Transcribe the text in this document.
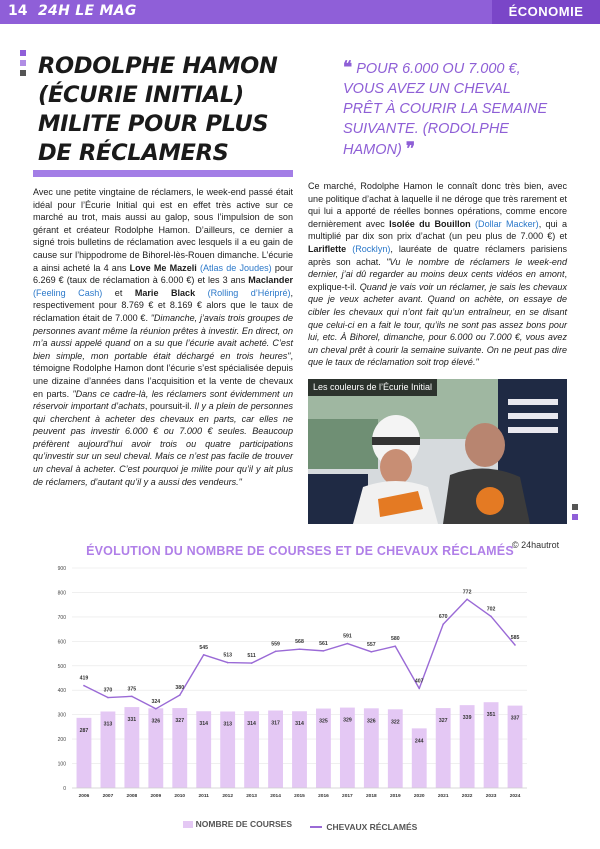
14 24H LE MAG	ÉCONOMIE
RODOLPHE HAMON (ÉCURIE INITIAL) MILITE POUR PLUS DE RÉCLAMERS
❝ POUR 6.000 OU 7.000 €, VOUS AVEZ UN CHEVAL PRÊT À COURIR LA SEMAINE SUIVANTE. (RODOLPHE HAMON) ❞
Avec une petite vingtaine de réclamers, le week-end passé était idéal pour l’Écurie Initial qui est en effet très active sur ce marché au trot, mais aussi au galop, sous l’impulsion de son gérant et créateur Rodolphe Hamon. D’ailleurs, ce dernier a signé trois bulletins de réclamation avec lesquels il a eu gain de cause sur l’hippodrome de Bihorel-lès-Rouen dimanche. L’écurie a ainsi acheté la 4 ans Love Me Mazeli (Atlas de Joudes) pour 6.269 € (taux de réclamation à 6.000 €) et les 3 ans Maclander (Feeling Cash) et Marie Black (Rolling d’Héripré), respectivement pour 8.769 € et 8.169 € alors que le taux de réclamation était de 7.000 €. "Dimanche, j’avais trois groupes de personnes avant même la réunion prêtes à investir. En direct, on m’a aussi appelé quand on a su que l’écurie avait acheté. C’est bien simple, mon portable était déchargé en trois heures", témoigne Rodolphe Hamon dont l’écurie s’est spécialisée depuis une dizaine d’années dans l’acquisition et la vente de chevaux en parts. "Dans ce cadre-là, les réclamers sont évidemment un réservoir important d’achats, poursuit-il. Il y a plein de personnes qui cherchent à acheter des chevaux en parts, car elles ne peuvent pas investir 6.000 € ou 7.000 € seules. Beaucoup préfèrent aujourd’hui avoir trois ou quatre participations qu’investir sur un seul cheval. Mais ce n’est pas facile de trouver un cheval à acheter. C’est pourquoi je milite pour qu’il y ait plus de réclamers, d’autant qu’il y a aussi des vendeurs."
Ce marché, Rodolphe Hamon le connaît donc très bien, avec une politique d’achat à laquelle il ne déroge que très rarement et qui lui a apporté de réelles bonnes opérations, comme encore dernièrement avec Isolée du Bouillon (Dollar Macker), qui a multiplié par dix son prix d’achat (un peu plus de 7.000 €) et Lariflette (Rocklyn), lauréate de quatre réclamers parisiens après son achat. "Vu le nombre de réclamers le week-end dernier, j’ai dû regarder au moins deux cents vidéos en amont, explique-t-il. Quand je vais voir un réclamer, je sais les chevaux que je veux acheter avant. Quand on achète, on essaye de cibler les chevaux qui n’ont fait qu’un entraîneur, en se disant que celui-ci en a fait le tour, qu’ils ne sont pas assez bons pour lui, etc. À Bihorel, dimanche, pour 6.000 ou 7.000 €, vous avez un cheval prêt à courir la semaine suivante. On ne peut pas dire que le taux de réclamation soit trop élevé."
Les couleurs de l’Écurie Initial
© 24hautrot
ÉVOLUTION DU NOMBRE DE COURSES ET DE CHEVAUX RÉCLAMÉS
0
100
200
300
400
500
600
700
800
900
287
313
331	326	327
314	313	314	317	314	325	329	326	322
244
327	339	351
337
419
370	375
324
380
545
513	511
559	568	561
591
557
580
407
670
772
702
585
2006	2007	2008	2009	2010	2011	2012	2013	2014	2015	2016	2017	2018	2019	2020	2021	2022	2023	2024
NOMBRE DE COURSES
	CHEVAUX RÉCLAMÉS
